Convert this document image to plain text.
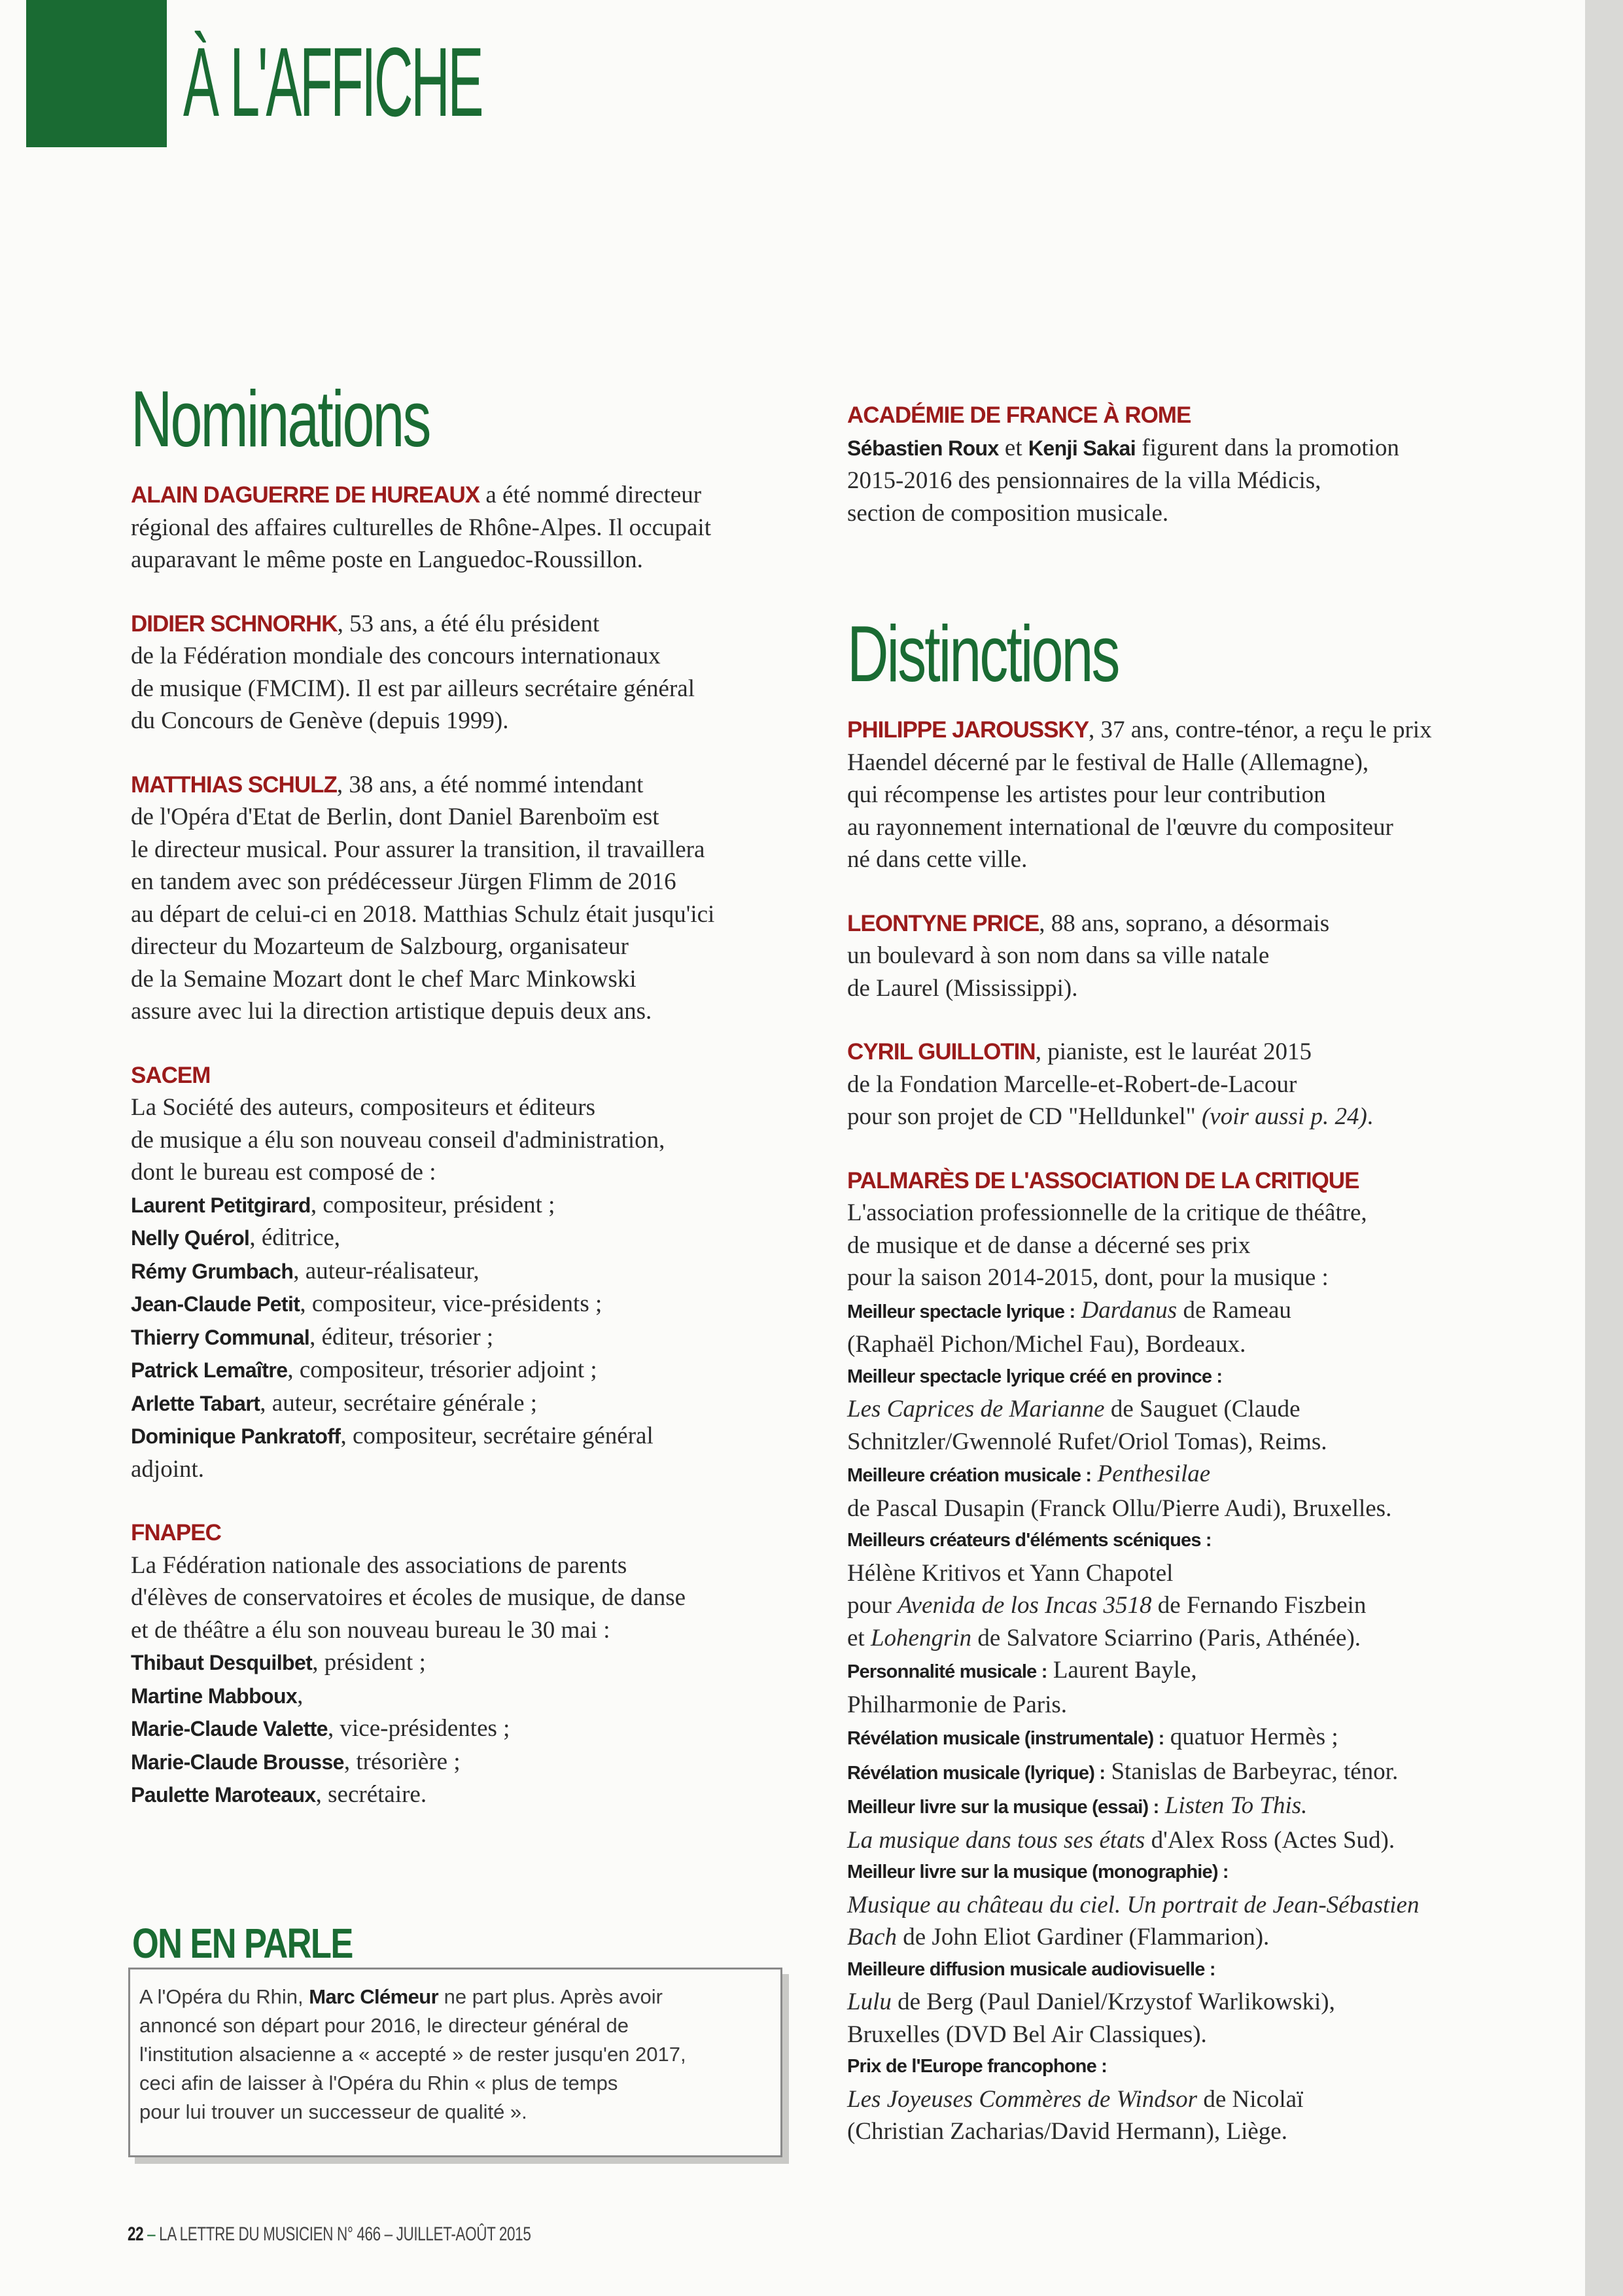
À L'AFFICHE
Nominations
ALAIN DAGUERRE DE HUREAUX a été nommé directeur
régional des affaires culturelles de Rhône-Alpes. Il occupait
auparavant le même poste en Languedoc-Roussillon.
DIDIER SCHNORHK, 53 ans, a été élu président
de la Fédération mondiale des concours internationaux
de musique (FMCIM). Il est par ailleurs secrétaire général
du Concours de Genève (depuis 1999).
MATTHIAS SCHULZ, 38 ans, a été nommé intendant
de l'Opéra d'Etat de Berlin, dont Daniel Barenboïm est
le directeur musical. Pour assurer la transition, il travaillera
en tandem avec son prédécesseur Jürgen Flimm de 2016
au départ de celui-ci en 2018. Matthias Schulz était jusqu'ici
directeur du Mozarteum de Salzbourg, organisateur
de la Semaine Mozart dont le chef Marc Minkowski
assure avec lui la direction artistique depuis deux ans.
SACEM
La Société des auteurs, compositeurs et éditeurs
de musique a élu son nouveau conseil d'administration,
dont le bureau est composé de :
Laurent Petitgirard, compositeur, président ;
Nelly Quérol, éditrice,
Rémy Grumbach, auteur-réalisateur,
Jean-Claude Petit, compositeur, vice-présidents ;
Thierry Communal, éditeur, trésorier ;
Patrick Lemaître, compositeur, trésorier adjoint ;
Arlette Tabart, auteur, secrétaire générale ;
Dominique Pankratoff, compositeur, secrétaire général
adjoint.
FNAPEC
La Fédération nationale des associations de parents
d'élèves de conservatoires et écoles de musique, de danse
et de théâtre a élu son nouveau bureau le 30 mai :
Thibaut Desquilbet, président ;
Martine Mabboux,
Marie-Claude Valette, vice-présidentes ;
Marie-Claude Brousse, trésorière ;
Paulette Maroteaux, secrétaire.
ON EN PARLE
A l'Opéra du Rhin, Marc Clémeur ne part plus. Après avoir
annoncé son départ pour 2016, le directeur général de
l'institution alsacienne a « accepté » de rester jusqu'en 2017,
ceci afin de laisser à l'Opéra du Rhin « plus de temps
pour lui trouver un successeur de qualité ».
ACADÉMIE DE FRANCE À ROME
Sébastien Roux et Kenji Sakai figurent dans la promotion
2015-2016 des pensionnaires de la villa Médicis,
section de composition musicale.
Distinctions
PHILIPPE JAROUSSKY, 37 ans, contre-ténor, a reçu le prix
Haendel décerné par le festival de Halle (Allemagne),
qui récompense les artistes pour leur contribution
au rayonnement international de l'œuvre du compositeur
né dans cette ville.
LEONTYNE PRICE, 88 ans, soprano, a désormais
un boulevard à son nom dans sa ville natale
de Laurel (Mississippi).
CYRIL GUILLOTIN, pianiste, est le lauréat 2015
de la Fondation Marcelle-et-Robert-de-Lacour
pour son projet de CD "Helldunkel" (voir aussi p. 24).
PALMARÈS DE L'ASSOCIATION DE LA CRITIQUE
L'association professionnelle de la critique de théâtre,
de musique et de danse a décerné ses prix
pour la saison 2014-2015, dont, pour la musique :
Meilleur spectacle lyrique : Dardanus de Rameau
(Raphaël Pichon/Michel Fau), Bordeaux.
Meilleur spectacle lyrique créé en province :
Les Caprices de Marianne de Sauguet (Claude
Schnitzler/Gwennolé Rufet/Oriol Tomas), Reims.
Meilleure création musicale : Penthesilae
de Pascal Dusapin (Franck Ollu/Pierre Audi), Bruxelles.
Meilleurs créateurs d'éléments scéniques :
Hélène Kritivos et Yann Chapotel
pour Avenida de los Incas 3518 de Fernando Fiszbein
et Lohengrin de Salvatore Sciarrino (Paris, Athénée).
Personnalité musicale : Laurent Bayle,
Philharmonie de Paris.
Révélation musicale (instrumentale) : quatuor Hermès ;
Révélation musicale (lyrique) : Stanislas de Barbeyrac, ténor.
Meilleur livre sur la musique (essai) : Listen To This.
La musique dans tous ses états d'Alex Ross (Actes Sud).
Meilleur livre sur la musique (monographie) :
Musique au château du ciel. Un portrait de Jean-Sébastien
Bach de John Eliot Gardiner (Flammarion).
Meilleure diffusion musicale audiovisuelle :
Lulu de Berg (Paul Daniel/Krzystof Warlikowski),
Bruxelles (DVD Bel Air Classiques).
Prix de l'Europe francophone :
Les Joyeuses Commères de Windsor de Nicolaï
(Christian Zacharias/David Hermann), Liège.
22 – LA LETTRE DU MUSICIEN N° 466 – JUILLET-AOÛT 2015
